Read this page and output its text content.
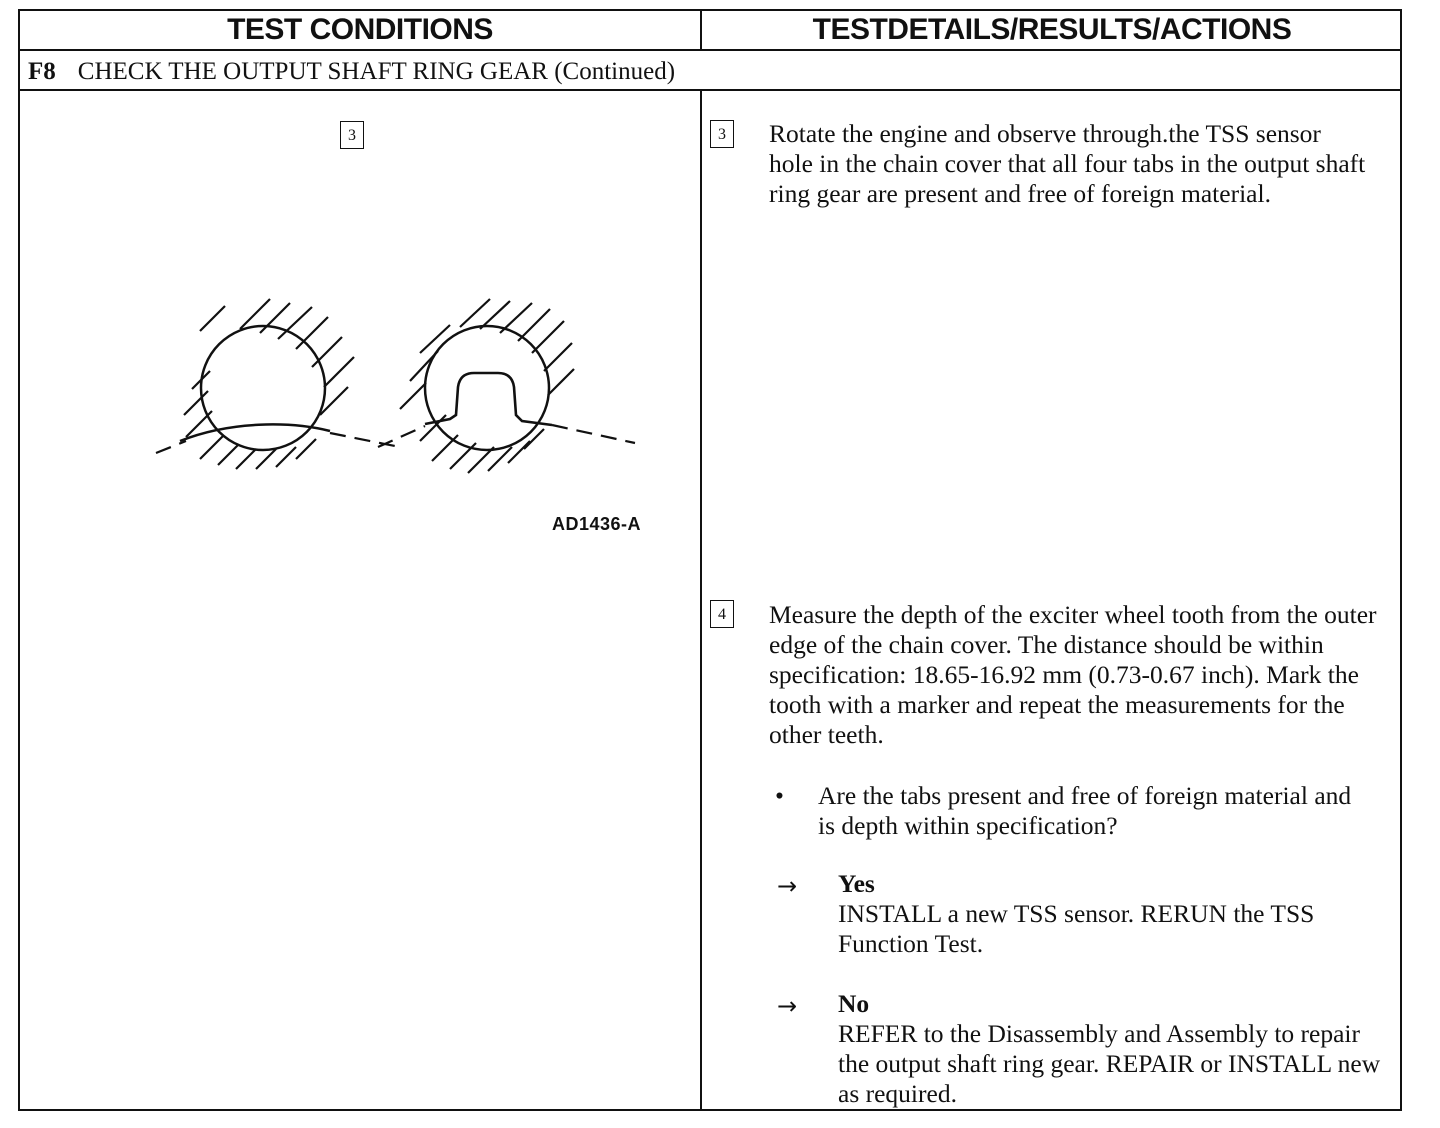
TEST CONDITIONS	TESTDETAILS/RESULTS/ACTIONS
F8 CHECK THE OUTPUT SHAFT RING GEAR (Continued)
3
AD1436-A
3	Rotate the engine and observe through.the TSS sensor hole in the chain cover that all four tabs in the output shaft ring gear are present and free of foreign material.
4	Measure the depth of the exciter wheel tooth from the outer edge of the chain cover. The distance should be within specification: 18.65-16.92 mm (0.73-0.67 inch). Mark the tooth with a marker and repeat the measurements for the other teeth.
• Are the tabs present and free of foreign material and is depth within specification?
→ Yes
INSTALL a new TSS sensor. RERUN the TSS Function Test.
→ No
REFER to the Disassembly and Assembly to repair the output shaft ring gear. REPAIR or INSTALL new as required.
